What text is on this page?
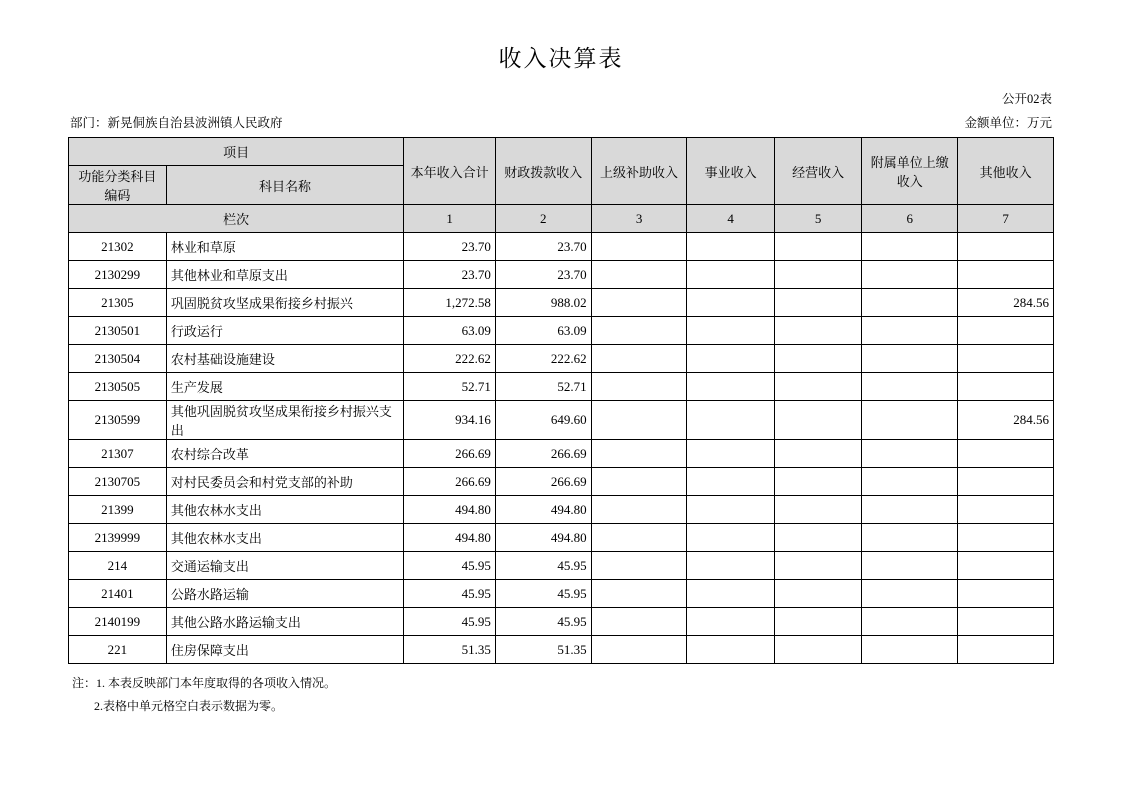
收入决算表
公开02表
部门：新晃侗族自治县波洲镇人民政府	金额单位：万元
项目		本年收入合计	财政拨款收入	上级补助收入	事业收入	经营收入	附属单位上缴收入	其他收入
功能分类科目编码	科目名称							
栏次		1	2	3	4	5	6	7
21302	林业和草原	23.70	23.70					
2130299	其他林业和草原支出	23.70	23.70					
21305	巩固脱贫攻坚成果衔接乡村振兴	1,272.58	988.02					284.56
2130501	行政运行	63.09	63.09					
2130504	农村基础设施建设	222.62	222.62					
2130505	生产发展	52.71	52.71					
2130599	其他巩固脱贫攻坚成果衔接乡村振兴支出	934.16	649.60					284.56
21307	农村综合改革	266.69	266.69					
2130705	对村民委员会和村党支部的补助	266.69	266.69					
21399	其他农林水支出	494.80	494.80					
2139999	其他农林水支出	494.80	494.80					
214	交通运输支出	45.95	45.95					
21401	公路水路运输	45.95	45.95					
2140199	其他公路水路运输支出	45.95	45.95					
221	住房保障支出	51.35	51.35					
注：1. 本表反映部门本年度取得的各项收入情况。
2.表格中单元格空白表示数据为零。
